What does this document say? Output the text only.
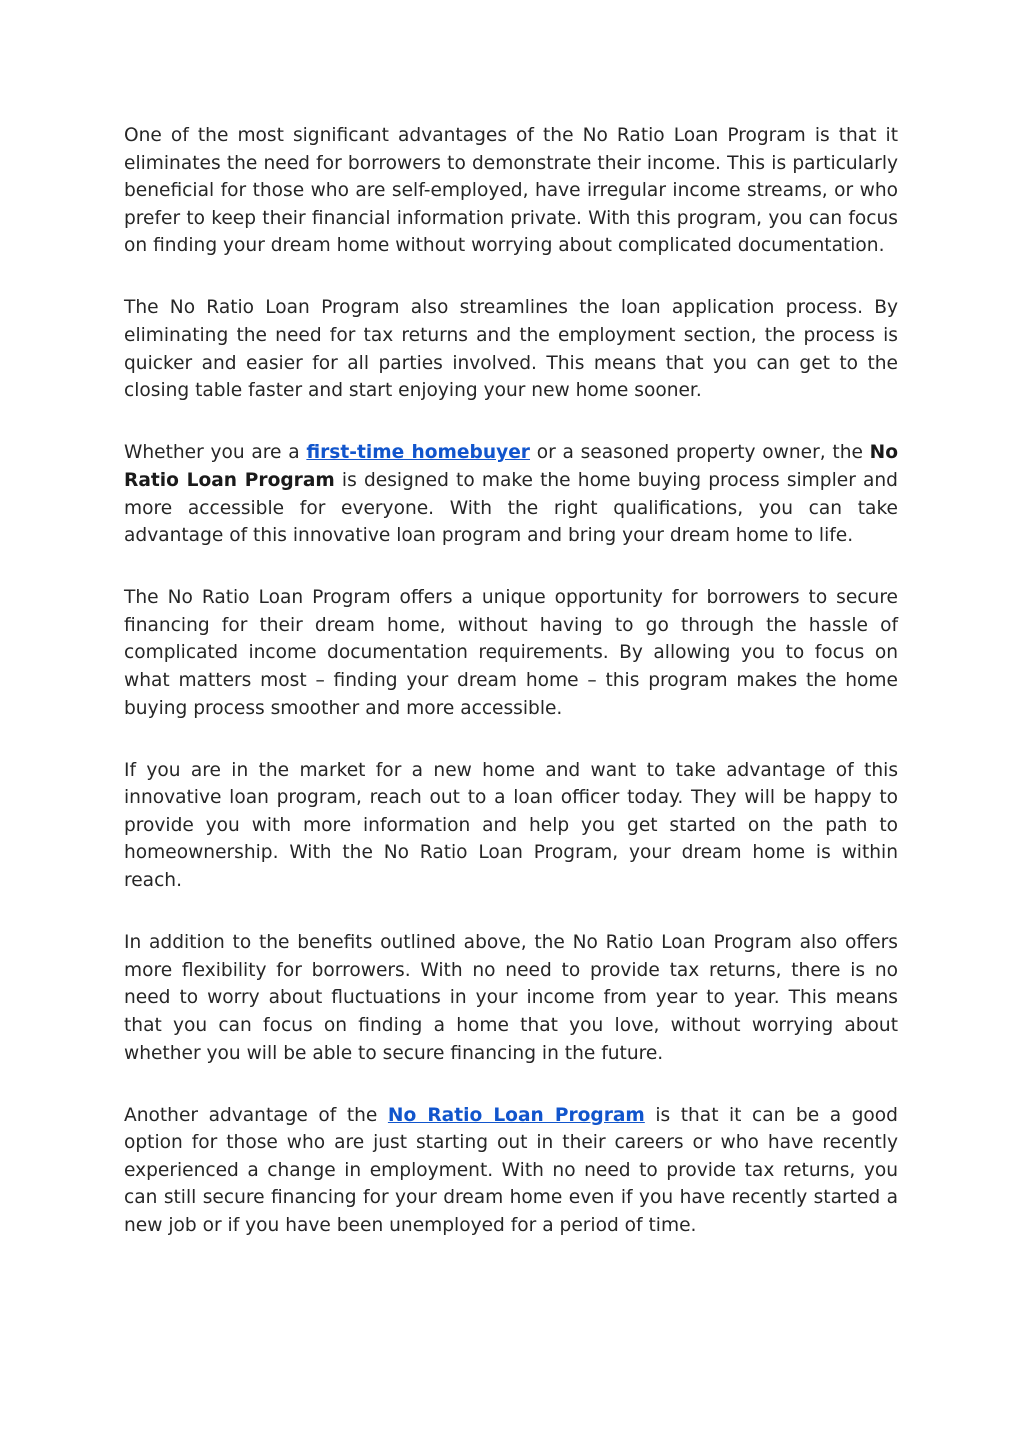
One of the most significant advantages of the No Ratio Loan Program is that it eliminates the need for borrowers to demonstrate their income. This is particularly beneficial for those who are self-employed, have irregular income streams, or who prefer to keep their financial information private. With this program, you can focus on finding your dream home without worrying about complicated documentation.

The No Ratio Loan Program also streamlines the loan application process. By eliminating the need for tax returns and the employment section, the process is quicker and easier for all parties involved. This means that you can get to the closing table faster and start enjoying your new home sooner.

Whether you are a first-time homebuyer or a seasoned property owner, the No Ratio Loan Program is designed to make the home buying process simpler and more accessible for everyone. With the right qualifications, you can take advantage of this innovative loan program and bring your dream home to life.

The No Ratio Loan Program offers a unique opportunity for borrowers to secure financing for their dream home, without having to go through the hassle of complicated income documentation requirements. By allowing you to focus on what matters most – finding your dream home – this program makes the home buying process smoother and more accessible.

If you are in the market for a new home and want to take advantage of this innovative loan program, reach out to a loan officer today. They will be happy to provide you with more information and help you get started on the path to homeownership. With the No Ratio Loan Program, your dream home is within reach.

In addition to the benefits outlined above, the No Ratio Loan Program also offers more flexibility for borrowers. With no need to provide tax returns, there is no need to worry about fluctuations in your income from year to year. This means that you can focus on finding a home that you love, without worrying about whether you will be able to secure financing in the future.

Another advantage of the No Ratio Loan Program is that it can be a good option for those who are just starting out in their careers or who have recently experienced a change in employment. With no need to provide tax returns, you can still secure financing for your dream home even if you have recently started a new job or if you have been unemployed for a period of time.
